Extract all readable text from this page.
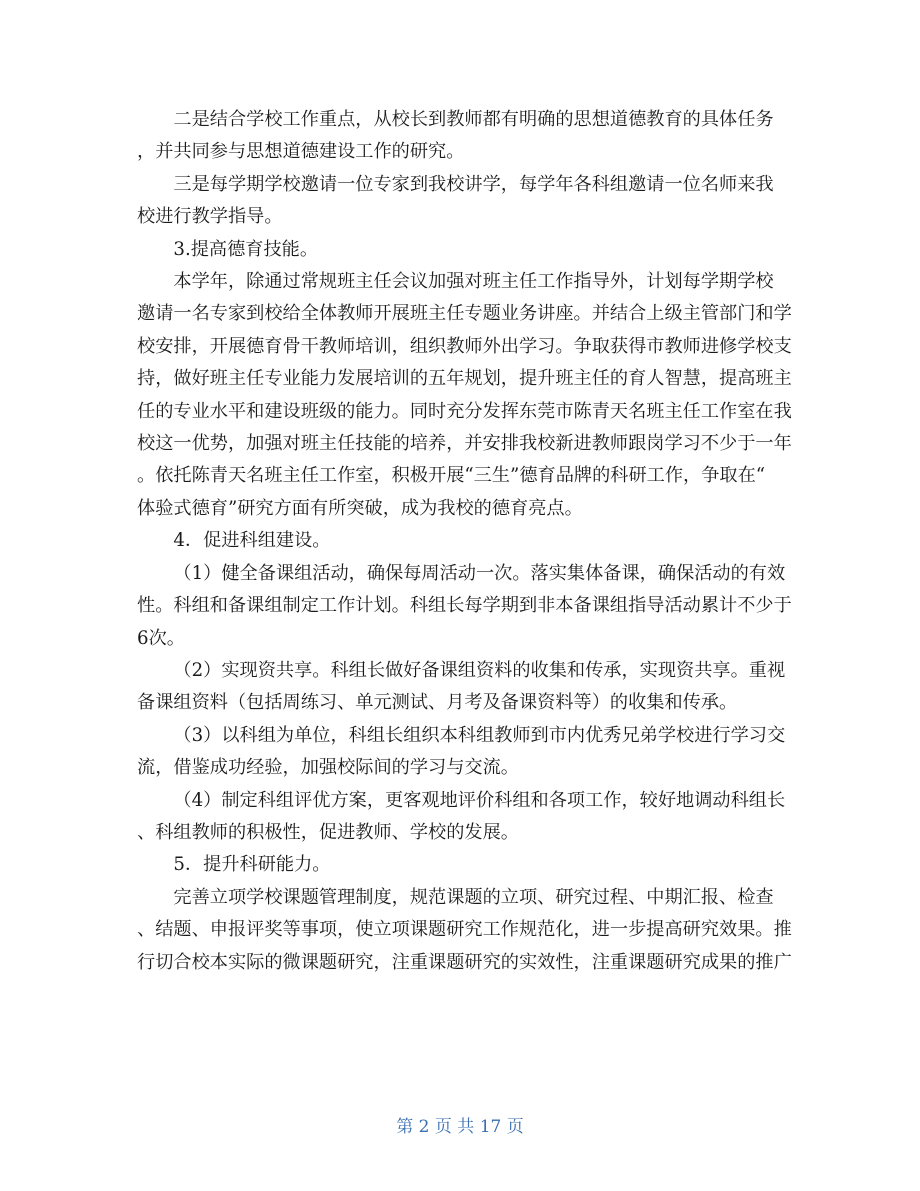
二是结合学校工作重点，从校长到教师都有明确的思想道德教育的具体任务
，并共同参与思想道德建设工作的研究。

三是每学期学校邀请一位专家到我校讲学，每学年各科组邀请一位名师来我
校进行教学指导。

3.提高德育技能。

本学年，除通过常规班主任会议加强对班主任工作指导外，计划每学期学校
邀请一名专家到校给全体教师开展班主任专题业务讲座。并结合上级主管部门和学
校安排，开展德育骨干教师培训，组织教师外出学习。争取获得市教师进修学校支
持，做好班主任专业能力发展培训的五年规划，提升班主任的育人智慧，提高班主
任的专业水平和建设班级的能力。同时充分发挥东莞市陈青天名班主任工作室在我
校这一优势，加强对班主任技能的培养，并安排我校新进教师跟岗学习不少于一年
。依托陈青天名班主任工作室，积极开展“三生”德育品牌的科研工作，争取在“
体验式德育”研究方面有所突破，成为我校的德育亮点。

4．促进科组建设。

（1）健全备课组活动，确保每周活动一次。落实集体备课，确保活动的有效
性。科组和备课组制定工作计划。科组长每学期到非本备课组指导活动累计不少于
6次。

（2）实现资共享。科组长做好备课组资料的收集和传承，实现资共享。重视
备课组资料（包括周练习、单元测试、月考及备课资料等）的收集和传承。

（3）以科组为单位，科组长组织本科组教师到市内优秀兄弟学校进行学习交
流，借鉴成功经验，加强校际间的学习与交流。

（4）制定科组评优方案，更客观地评价科组和各项工作，较好地调动科组长
、科组教师的积极性，促进教师、学校的发展。

5．提升科研能力。

完善立项学校课题管理制度，规范课题的立项、研究过程、中期汇报、检查
、结题、申报评奖等事项，使立项课题研究工作规范化，进一步提高研究效果。推
行切合校本实际的微课题研究，注重课题研究的实效性，注重课题研究成果的推广

第 2 页 共 17 页
